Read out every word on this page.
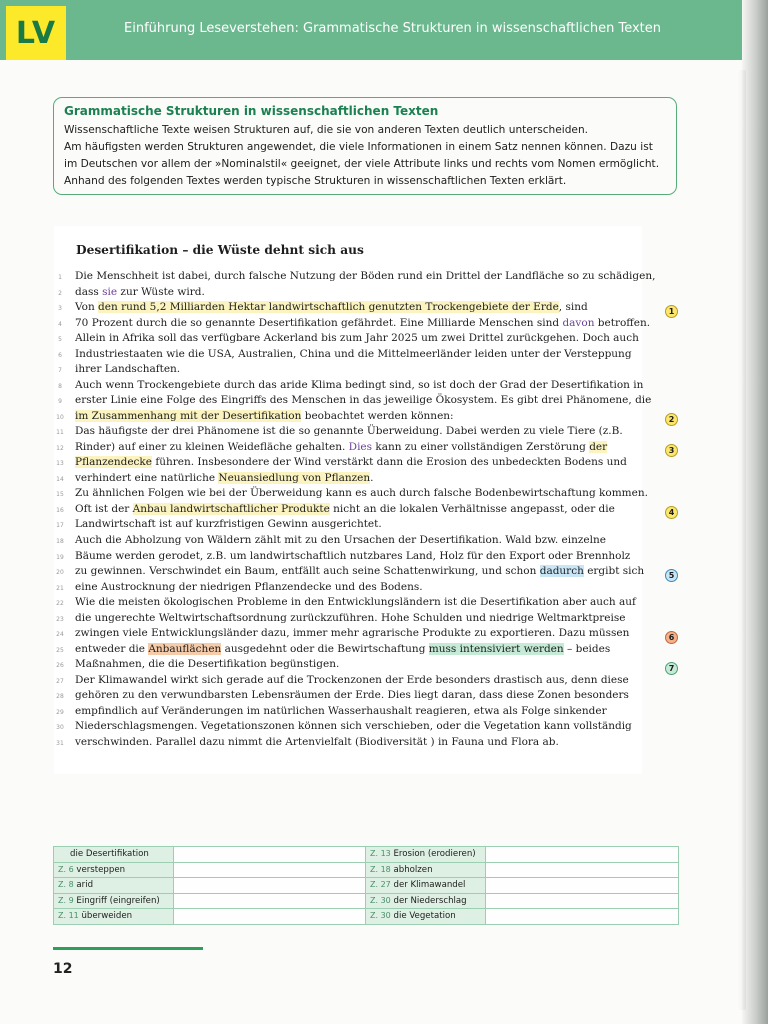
LV	Einführung Leseverstehen: Grammatische Strukturen in wissenschaftlichen Texten
Grammatische Strukturen in wissenschaftlichen Texten

Wissenschaftliche Texte weisen Strukturen auf, die sie von anderen Texten deutlich unterscheiden.

Am häufigsten werden Strukturen angewendet, die viele Informationen in einem Satz nennen können. Dazu ist

im Deutschen vor allem der »Nominalstil« geeignet, der viele Attribute links und rechts vom Nomen ermöglicht.

Anhand des folgenden Textes werden typische Strukturen in wissenschaftlichen Texten erklärt.

Desertifikation – die Wüste dehnt sich aus
1	Die Menschheit ist dabei, durch falsche Nutzung der Böden rund ein Drittel der Landfläche so zu schädigen,
2	dass sie zur Wüste wird.
3	Von den rund 5,2 Milliarden Hektar landwirtschaftlich genutzten Trockengebiete der Erde, sind
4	70 Prozent durch die so genannte Desertifikation gefährdet. Eine Milliarde Menschen sind davon betroffen.
5	Allein in Afrika soll das verfügbare Ackerland bis zum Jahr 2025 um zwei Drittel zurückgehen. Doch auch
6	Industriestaaten wie die USA, Australien, China und die Mittelmeerländer leiden unter der Versteppung
7	ihrer Landschaften.
8	Auch wenn Trockengebiete durch das aride Klima bedingt sind, so ist doch der Grad der Desertifikation in
9	erster Linie eine Folge des Eingriffs des Menschen in das jeweilige Ökosystem. Es gibt drei Phänomene, die
10 im Zusammenhang mit der Desertifikation beobachtet werden können:
11 Das häufigste der drei Phänomene ist die so genannte Überweidung. Dabei werden zu viele Tiere (z.B.
12 Rinder) auf einer zu kleinen Weidefläche gehalten. Dies kann zu einer vollständigen Zerstörung der
13 Pflanzendecke führen. Insbesondere der Wind verstärkt dann die Erosion des unbedeckten Bodens und
14 verhindert eine natürliche Neuansiedlung von Pflanzen.
15 Zu ähnlichen Folgen wie bei der Überweidung kann es auch durch falsche Bodenbewirtschaftung kommen.
16 Oft ist der Anbau landwirtschaftlicher Produkte nicht an die lokalen Verhältnisse angepasst, oder die
17 Landwirtschaft ist auf kurzfristigen Gewinn ausgerichtet.
18 Auch die Abholzung von Wäldern zählt mit zu den Ursachen der Desertifikation. Wald bzw. einzelne
19 Bäume werden gerodet, z.B. um landwirtschaftlich nutzbares Land, Holz für den Export oder Brennholz
20 zu gewinnen. Verschwindet ein Baum, entfällt auch seine Schattenwirkung, und schon dadurch ergibt sich
21 eine Austrocknung der niedrigen Pflanzendecke und des Bodens.
22 Wie die meisten ökologischen Probleme in den Entwicklungsländern ist die Desertifikation aber auch auf
23 die ungerechte Weltwirtschaftsordnung zurückzuführen. Hohe Schulden und niedrige Weltmarktpreise
24 zwingen viele Entwicklungsländer dazu, immer mehr agrarische Produkte zu exportieren. Dazu müssen
25 entweder die Anbauflächen ausgedehnt oder die Bewirtschaftung muss intensiviert werden – beides
26 Maßnahmen, die die Desertifikation begünstigen.
27 Der Klimawandel wirkt sich gerade auf die Trockenzonen der Erde besonders drastisch aus, denn diese
28 gehören zu den verwundbarsten Lebensräumen der Erde. Dies liegt daran, dass diese Zonen besonders
29 empfindlich auf Veränderungen im natürlichen Wasserhaushalt reagieren, etwa als Folge sinkender
30 Niederschlagsmengen. Vegetationszonen können sich verschieben, oder die Vegetation kann vollständig
31 verschwinden. Parallel dazu nimmt die Artenvielfalt (Biodiversität ) in Fauna und Flora ab.
1
2
3
4
5
6
7
die Desertifikation		Z. 13 Erosion (erodieren)	
Z. 6 versteppen		Z. 18 abholzen	
Z. 8 arid		Z. 27 der Klimawandel	
Z. 9 Eingriff (eingreifen)		Z. 30 der Niederschlag	
Z. 11 überweiden		Z. 30 die Vegetation	
12
